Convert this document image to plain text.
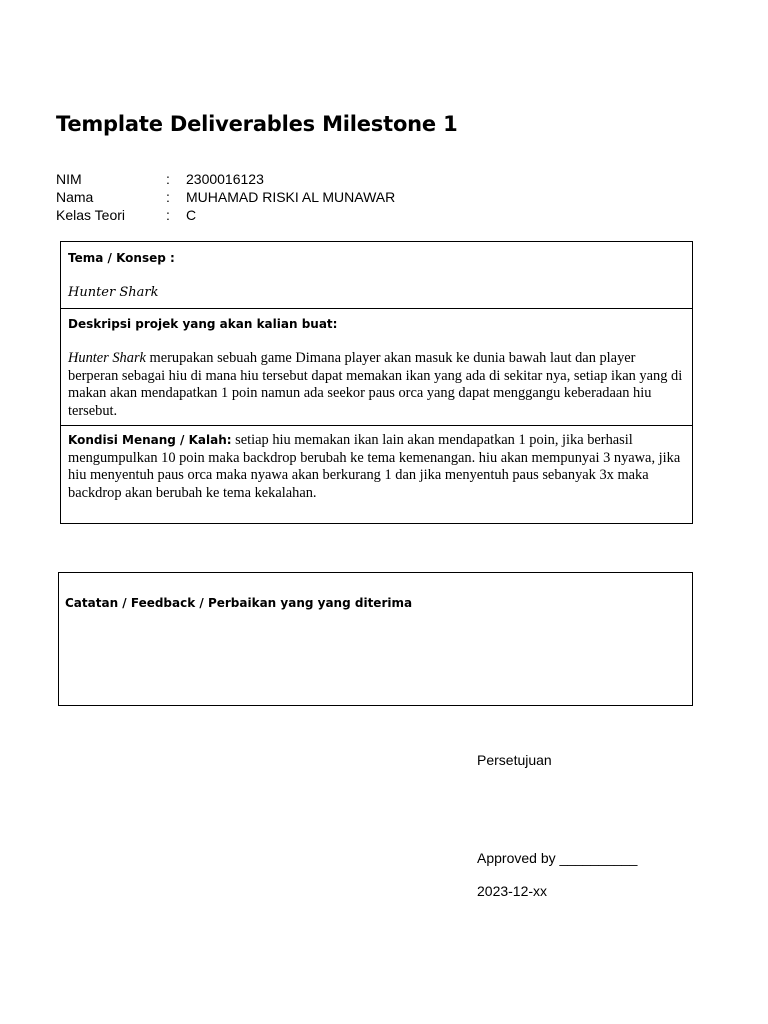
Template Deliverables Milestone 1
NIM	:	2300016123
Nama	:	MUHAMAD RISKI AL MUNAWAR
Kelas Teori	:	C
Tema / Konsep :
Hunter Shark
Deskripsi projek yang akan kalian buat:

Hunter Shark merupakan sebuah game Dimana player akan masuk ke dunia bawah laut dan player berperan sebagai hiu di mana hiu tersebut dapat memakan ikan yang ada di sekitar nya, setiap ikan yang di makan akan mendapatkan 1 poin namun ada seekor paus orca yang dapat menggangu keberadaan hiu tersebut.

Kondisi Menang / Kalah: setiap hiu memakan ikan lain akan mendapatkan 1 poin, jika berhasil mengumpulkan 10 poin maka backdrop berubah ke tema kemenangan. hiu akan mempunyai 3 nyawa, jika hiu menyentuh paus orca maka nyawa akan berkurang 1 dan jika menyentuh paus sebanyak 3x maka backdrop akan berubah ke tema kekalahan.

Catatan / Feedback / Perbaikan yang yang diterima
Persetujuan
Approved by __________
2023-12-xx
